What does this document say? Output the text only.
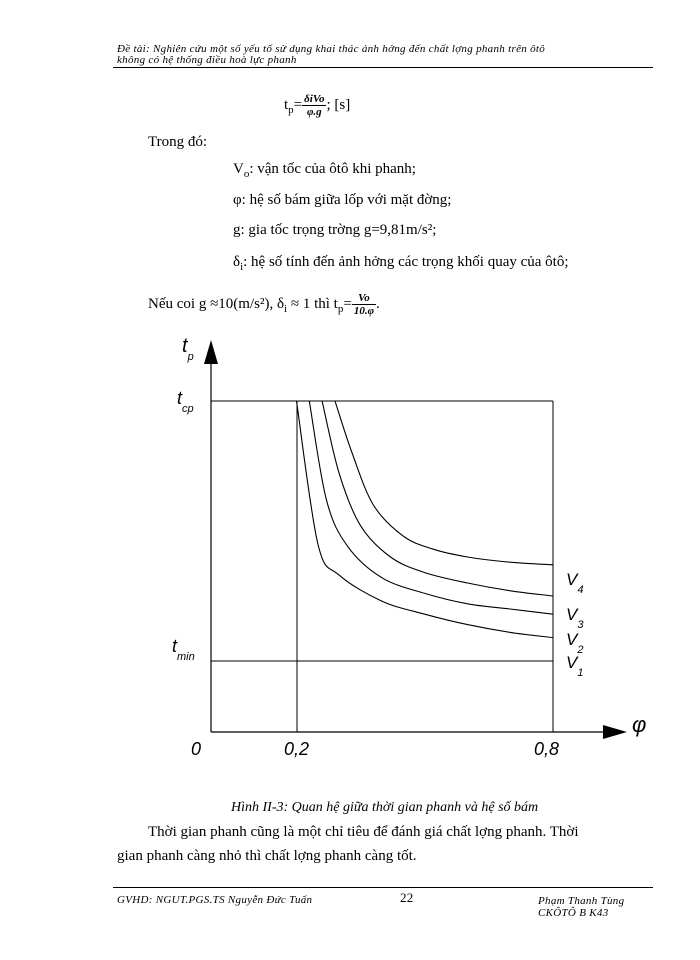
Đề tài: Nghiên cứu một số yếu tố sử dụng khai thác ảnh hởng đến chất lợng phanh trên ôtô
không có hệ thống điều hoà lực phanh
$t_p= \frac{\text{δiVo}}{\varphi.g}$ ; [s]
Trong đó:
$V_o$: vận tốc của ôtô khi phanh;
φ: hệ số bám giữa lốp với mặt đờng;
g: gia tốc trọng trờng g=9,81m/s²;
$\delta_i$: hệ số tính đến ảnh hởng các trọng khối quay của ôtô;
Nếu coi g ≈10(m/s²), $\delta_i \approx 1$ thì $t_p= \frac{Vo}{10.\varphi}$ .
$t_p$
φ
0	0,2	0,8
$t_{cp}$
$t_{min}$
$V_4$
$V_3$
$V_2$
$V_1$
Hình II-3: Quan hệ giữa thời gian phanh và hệ số bám
Thời gian phanh cũng là một chỉ tiêu để đánh giá chất lợng phanh. Thời
gian phanh càng nhỏ thì chất lợng phanh càng tốt.
GVHD: NGUT.PGS.TS Nguyễn Đức Tuấn	22	Phạm Thanh Tùng
CKÔTÔ B K43
